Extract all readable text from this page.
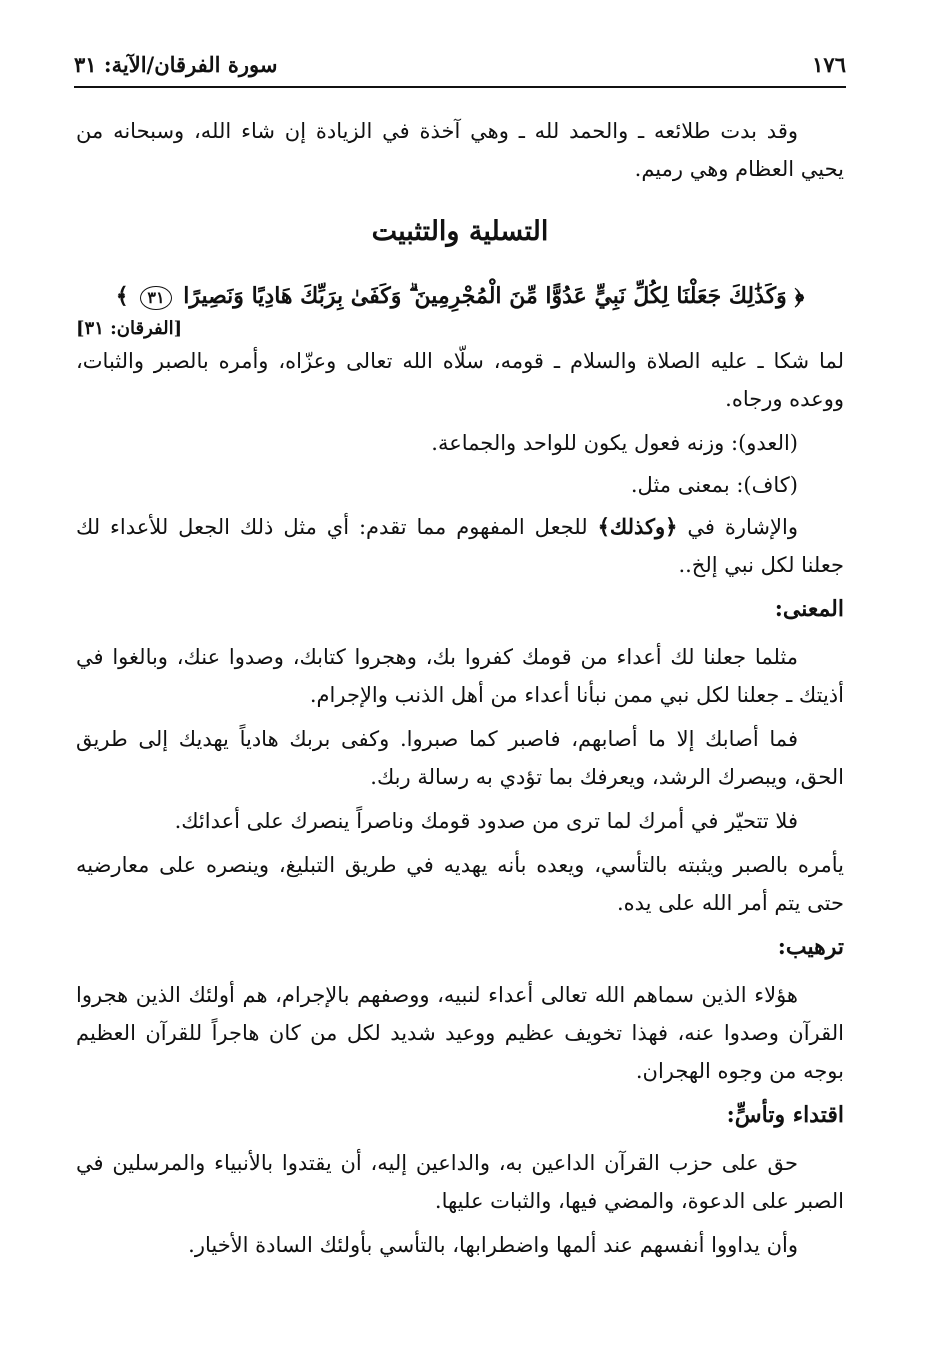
١٧٦
سورة الفرقان/الآية: ٣١

وقد بدت طلائعه ـ والحمد لله ـ وهي آخذة في الزيادة إن شاء الله، وسبحانه من يحيي العظام وهي رميم.

التسلية والتثبيت
﴿ وَكَذَٰلِكَ جَعَلْنَا لِكُلِّ نَبِيٍّ عَدُوًّا مِّنَ الْمُجْرِمِينَ ۗ وَكَفَىٰ بِرَبِّكَ هَادِيًا وَنَصِيرًا ٣١ ﴾
[الفرقان: ٣١]

لما شكا ـ عليه الصلاة والسلام ـ قومه، سلّاه الله تعالى وعزّاه، وأمره بالصبر والثبات، ووعده ورجاه.

(العدو): وزنه فعول يكون للواحد والجماعة.

(كاف): بمعنى مثل.

والإشارة في ﴿وكذلك﴾ للجعل المفهوم مما تقدم: أي مثل ذلك الجعل للأعداء لك جعلنا لكل نبي إلخ..

المعنى:

مثلما جعلنا لك أعداء من قومك كفروا بك، وهجروا كتابك، وصدوا عنك، وبالغوا في أذيتك ـ جعلنا لكل نبي ممن نبأنا أعداء من أهل الذنب والإجرام.

فما أصابك إلا ما أصابهم، فاصبر كما صبروا. وكفى بربك هادياً يهديك إلى طريق الحق، ويبصرك الرشد، ويعرفك بما تؤدي به رسالة ربك.

فلا تتحيّر في أمرك لما ترى من صدود قومك وناصراً ينصرك على أعدائك.

يأمره بالصبر ويثبته بالتأسي، ويعده بأنه يهديه في طريق التبليغ، وينصره على معارضيه حتى يتم أمر الله على يده.

ترهيب:

هؤلاء الذين سماهم الله تعالى أعداء لنبيه، ووصفهم بالإجرام، هم أولئك الذين هجروا القرآن وصدوا عنه، فهذا تخويف عظيم ووعيد شديد لكل من كان هاجراً للقرآن العظيم بوجه من وجوه الهجران.

اقتداء وتأسٍّ:

حق على حزب القرآن الداعين به، والداعين إليه، أن يقتدوا بالأنبياء والمرسلين في الصبر على الدعوة، والمضي فيها، والثبات عليها.

وأن يداووا أنفسهم عند ألمها واضطرابها، بالتأسي بأولئك السادة الأخيار.
